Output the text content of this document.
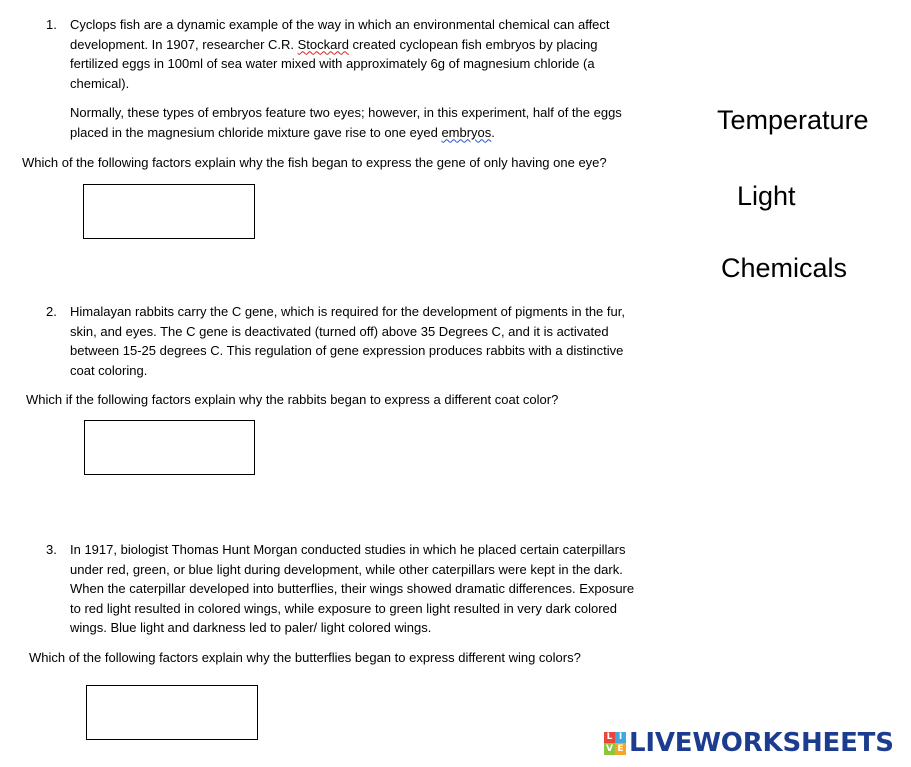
1. Cyclops fish are a dynamic example of the way in which an environmental chemical can affect development. In 1907, researcher C.R. Stockard created cyclopean fish embryos by placing fertilized eggs in 100ml of sea water mixed with approximately 6g of magnesium chloride (a chemical).

Normally, these types of embryos feature two eyes; however, in this experiment, half of the eggs placed in the magnesium chloride mixture gave rise to one eyed embryos.

Which of the following factors explain why the fish began to express the gene of only having one eye?
2. Himalayan rabbits carry the C gene, which is required for the development of pigments in the fur, skin, and eyes. The C gene is deactivated (turned off) above 35 Degrees C, and it is activated between 15-25 degrees C. This regulation of gene expression produces rabbits with a distinctive coat coloring.

Which if the following factors explain why the rabbits began to express a different coat color?
3. In 1917, biologist Thomas Hunt Morgan conducted studies in which he placed certain caterpillars under red, green, or blue light during development, while other caterpillars were kept in the dark. When the caterpillar developed into butterflies, their wings showed dramatic differences. Exposure to red light resulted in colored wings, while exposure to green light resulted in very dark colored wings. Blue light and darkness led to paler/ light colored wings.

Which of the following factors explain why the butterflies began to express different wing colors?
Temperature
Light
Chemicals
L I
V E LIVEWORKSHEETS
